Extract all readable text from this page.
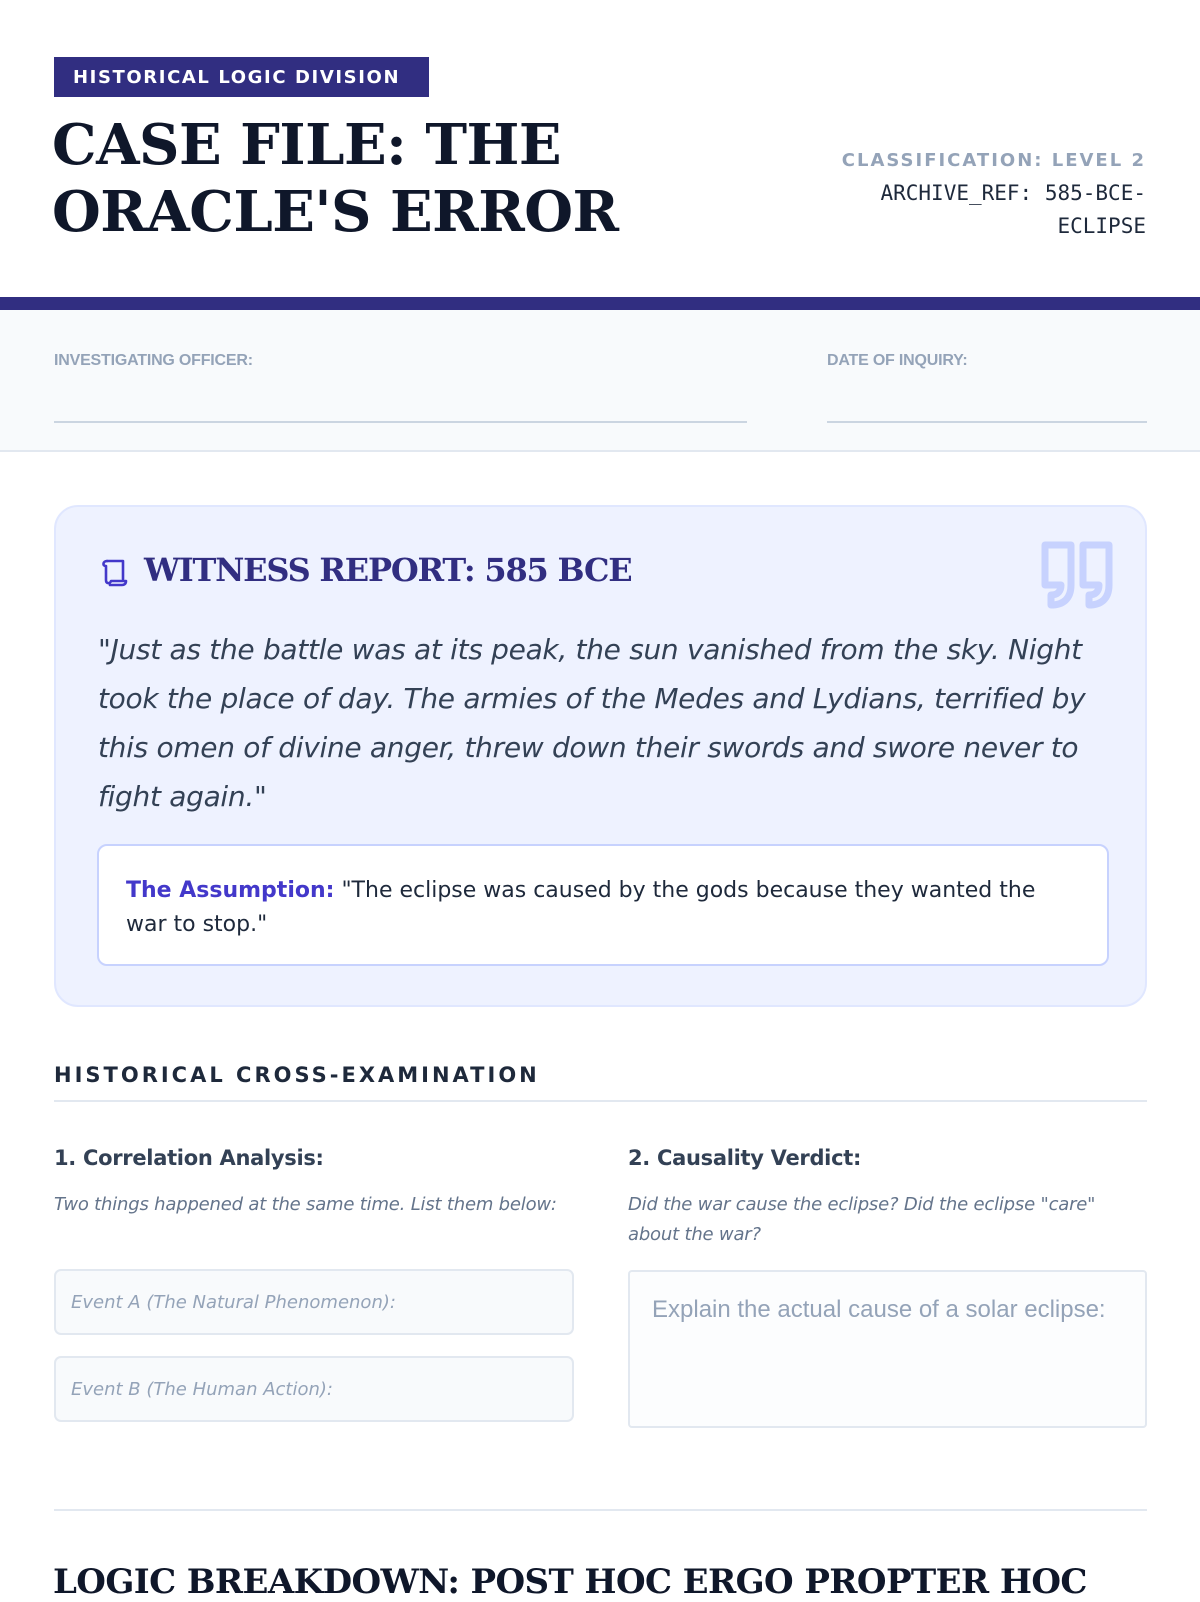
HISTORICAL LOGIC DIVISION
CASE FILE: THE ORACLE'S ERROR
CLASSIFICATION: LEVEL 2
ARCHIVE_REF: 585-BCE-ECLIPSE
INVESTIGATING OFFICER:	DATE OF INQUIRY:
WITNESS REPORT: 585 BCE

"Just as the battle was at its peak, the sun vanished from the sky. Night took the place of day. The armies of the Medes and Lydians, terrified by this omen of divine anger, threw down their swords and swore never to fight again."

The Assumption: "The eclipse was caused by the gods because they wanted the war to stop."
HISTORICAL CROSS-EXAMINATION
1. Correlation Analysis:
Two things happened at the same time. List them below:
Event A (The Natural Phenomenon):
Event B (The Human Action):
2. Causality Verdict:
Did the war cause the eclipse? Did the eclipse "care" about the war?
Explain the actual cause of a solar eclipse:
LOGIC BREAKDOWN: POST HOC ERGO PROPTER HOC
